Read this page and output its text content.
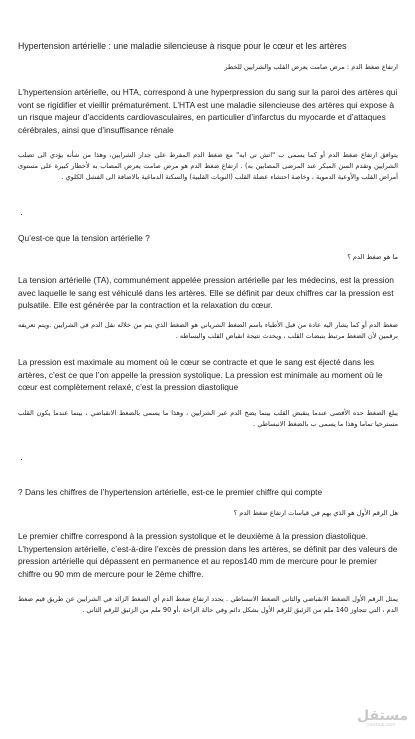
Hypertension artérielle : une maladie silencieuse à risque pour le cœur et les artères
ارتفاع ضغط الدم : مرض صامت يعرض القلب والشرايين للخطر
L’hypertension artérielle, ou HTA, correspond à une hyperpression du sang sur la paroi des artères qui vont se rigidifier et vieillir prématurément. L’HTA est une maladie silencieuse des artères qui expose à un risque majeur d’accidents cardiovasculaires, en particulier d’infarctus du myocarde et d’attaques cérébrales, ainsi que d’insuffisance rénale
يتوافق ارتفاع ضغط الدم أو كما يسمى ب "اتش تي ايه" مع ضغط الدم المفرط على جدار الشرايين، وهذا من شأنه يؤدي الى تصلب الشرايين وتقدم السن المبكر عند المرضى المصابين به) . ارتفاع ضغط الدم هو مرض صامت يعرض المصاب به لأخطار كبيرة على مستوى أمراض القلب والأوعية الدموية ، وخاصة احتشاء عضلة القلب (النوبات القلبية) والسكتة الدماغية بالاضافة الى الفشل الكلوي .
.
Qu’est-ce que la tension artérielle ?
ما هو ضغط الدم ؟
La tension artérielle (TA), communément appelée pression artérielle par les médecins, est la pression avec laquelle le sang est véhiculé dans les artères. Elle se définit par deux chiffres car la pression est pulsatile. Elle est générée par la contraction et la relaxation du cœur.
ضغط الدم أو كما يشار اليه عادة من قبل الأطباء باسم الضغط الشرياني هو الضغط الذي يتم من خلاله نقل الدم في الشرايين .ويتم تعريفه برقمين لأن الضغط مرتبط بنبضات القلب ، ويحدث نتيجة انقباض القلب والبساطه .
La pression est maximale au moment où le cœur se contracte et que le sang est éjecté dans les artères, c’est ce que l’on appelle la pression systolique. La pression est minimale au moment où le cœur est complètement relaxé, c’est la pression diastolique
يبلغ الضغط حده الأقصى عندما ينقبض القلب بينما يضخ الدم عبر الشرايين ، وهذا ما يسمى بالضغط الانقباضي ، بينما عندما يكون القلب مسترخيا تماما وهذا ما يسمى ب بالضغط الانبساطي .
.
? Dans les chiffres de l’hypertension artérielle, est-ce le premier chiffre qui compte
هل الرقم الأول هو الذي يهم في قياسات ارتفاع ضغط الدم ؟
Le premier chiffre correspond à la pression systolique et le deuxième à la pression diastolique. L’hypertension artérielle, c’est-à-dire l’excès de pression dans les artères, se définit par des valeurs de pression artérielle qui dépassent en permanence et au repos140 mm de mercure pour le premier chiffre ou 90 mm de mercure pour le 2ème chiffre.
يمثل الرقم الأول الضغط الانقباضي والثاني الضغط الانبساطي . يحدد ارتفاع ضغط الدم أي الضغط الزائد في الشرايين عن طريق قيم ضغط الدم ، التي تتجاوز 140 ملم من الزئبق للرقم الأول بشكل دائم وفي حالة الراحة ،أو 90 ملم من الزئبق للرقم الثاني .
مستقل
mostaql.com
